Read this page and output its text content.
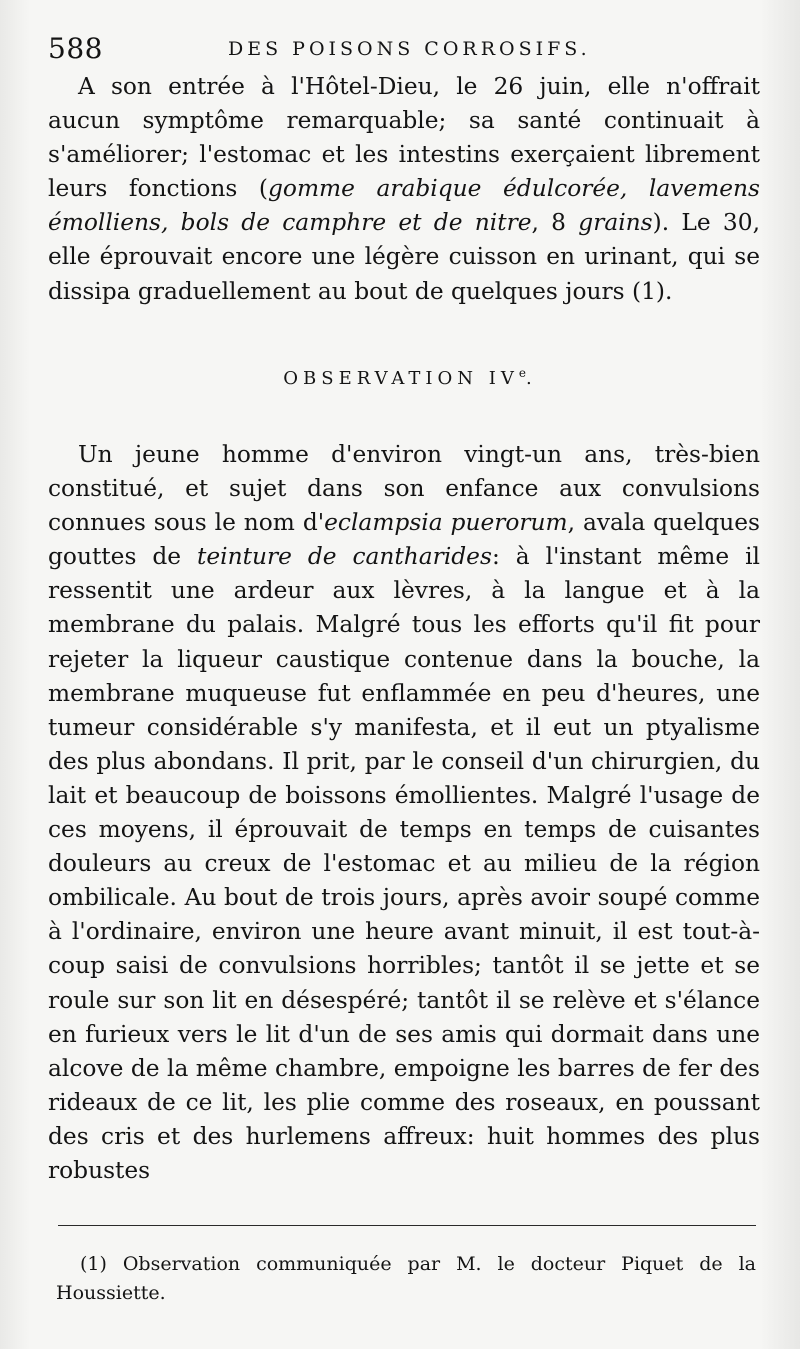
588	DES POISONS CORROSIFS.

A son entrée à l'Hôtel-Dieu, le 26 juin, elle n'offrait aucun symptôme remarquable; sa santé continuait à s'améliorer; l'estomac et les intestins exerçaient librement leurs fonctions (gomme arabique édulcorée, lavemens émolliens, bols de camphre et de nitre, 8 grains). Le 30, elle éprouvait encore une légère cuisson en urinant, qui se dissipa graduellement au bout de quelques jours (1).

OBSERVATION IVe.

Un jeune homme d'environ vingt-un ans, très-bien constitué, et sujet dans son enfance aux convulsions connues sous le nom d'eclampsia puerorum, avala quelques gouttes de teinture de cantharides: à l'instant même il ressentit une ardeur aux lèvres, à la langue et à la membrane du palais. Malgré tous les efforts qu'il fit pour rejeter la liqueur caustique contenue dans la bouche, la membrane muqueuse fut enflammée en peu d'heures, une tumeur considérable s'y manifesta, et il eut un ptyalisme des plus abondans. Il prit, par le conseil d'un chirurgien, du lait et beaucoup de boissons émollientes. Malgré l'usage de ces moyens, il éprouvait de temps en temps de cuisantes douleurs au creux de l'estomac et au milieu de la région ombilicale. Au bout de trois jours, après avoir soupé comme à l'ordinaire, environ une heure avant minuit, il est tout-à-coup saisi de convulsions horribles; tantôt il se jette et se roule sur son lit en désespéré; tantôt il se relève et s'élance en furieux vers le lit d'un de ses amis qui dormait dans une alcove de la même chambre, empoigne les barres de fer des rideaux de ce lit, les plie comme des roseaux, en poussant des cris et des hurlemens affreux: huit hommes des plus robustes

(1) Observation communiquée par M. le docteur Piquet de la Houssiette.
